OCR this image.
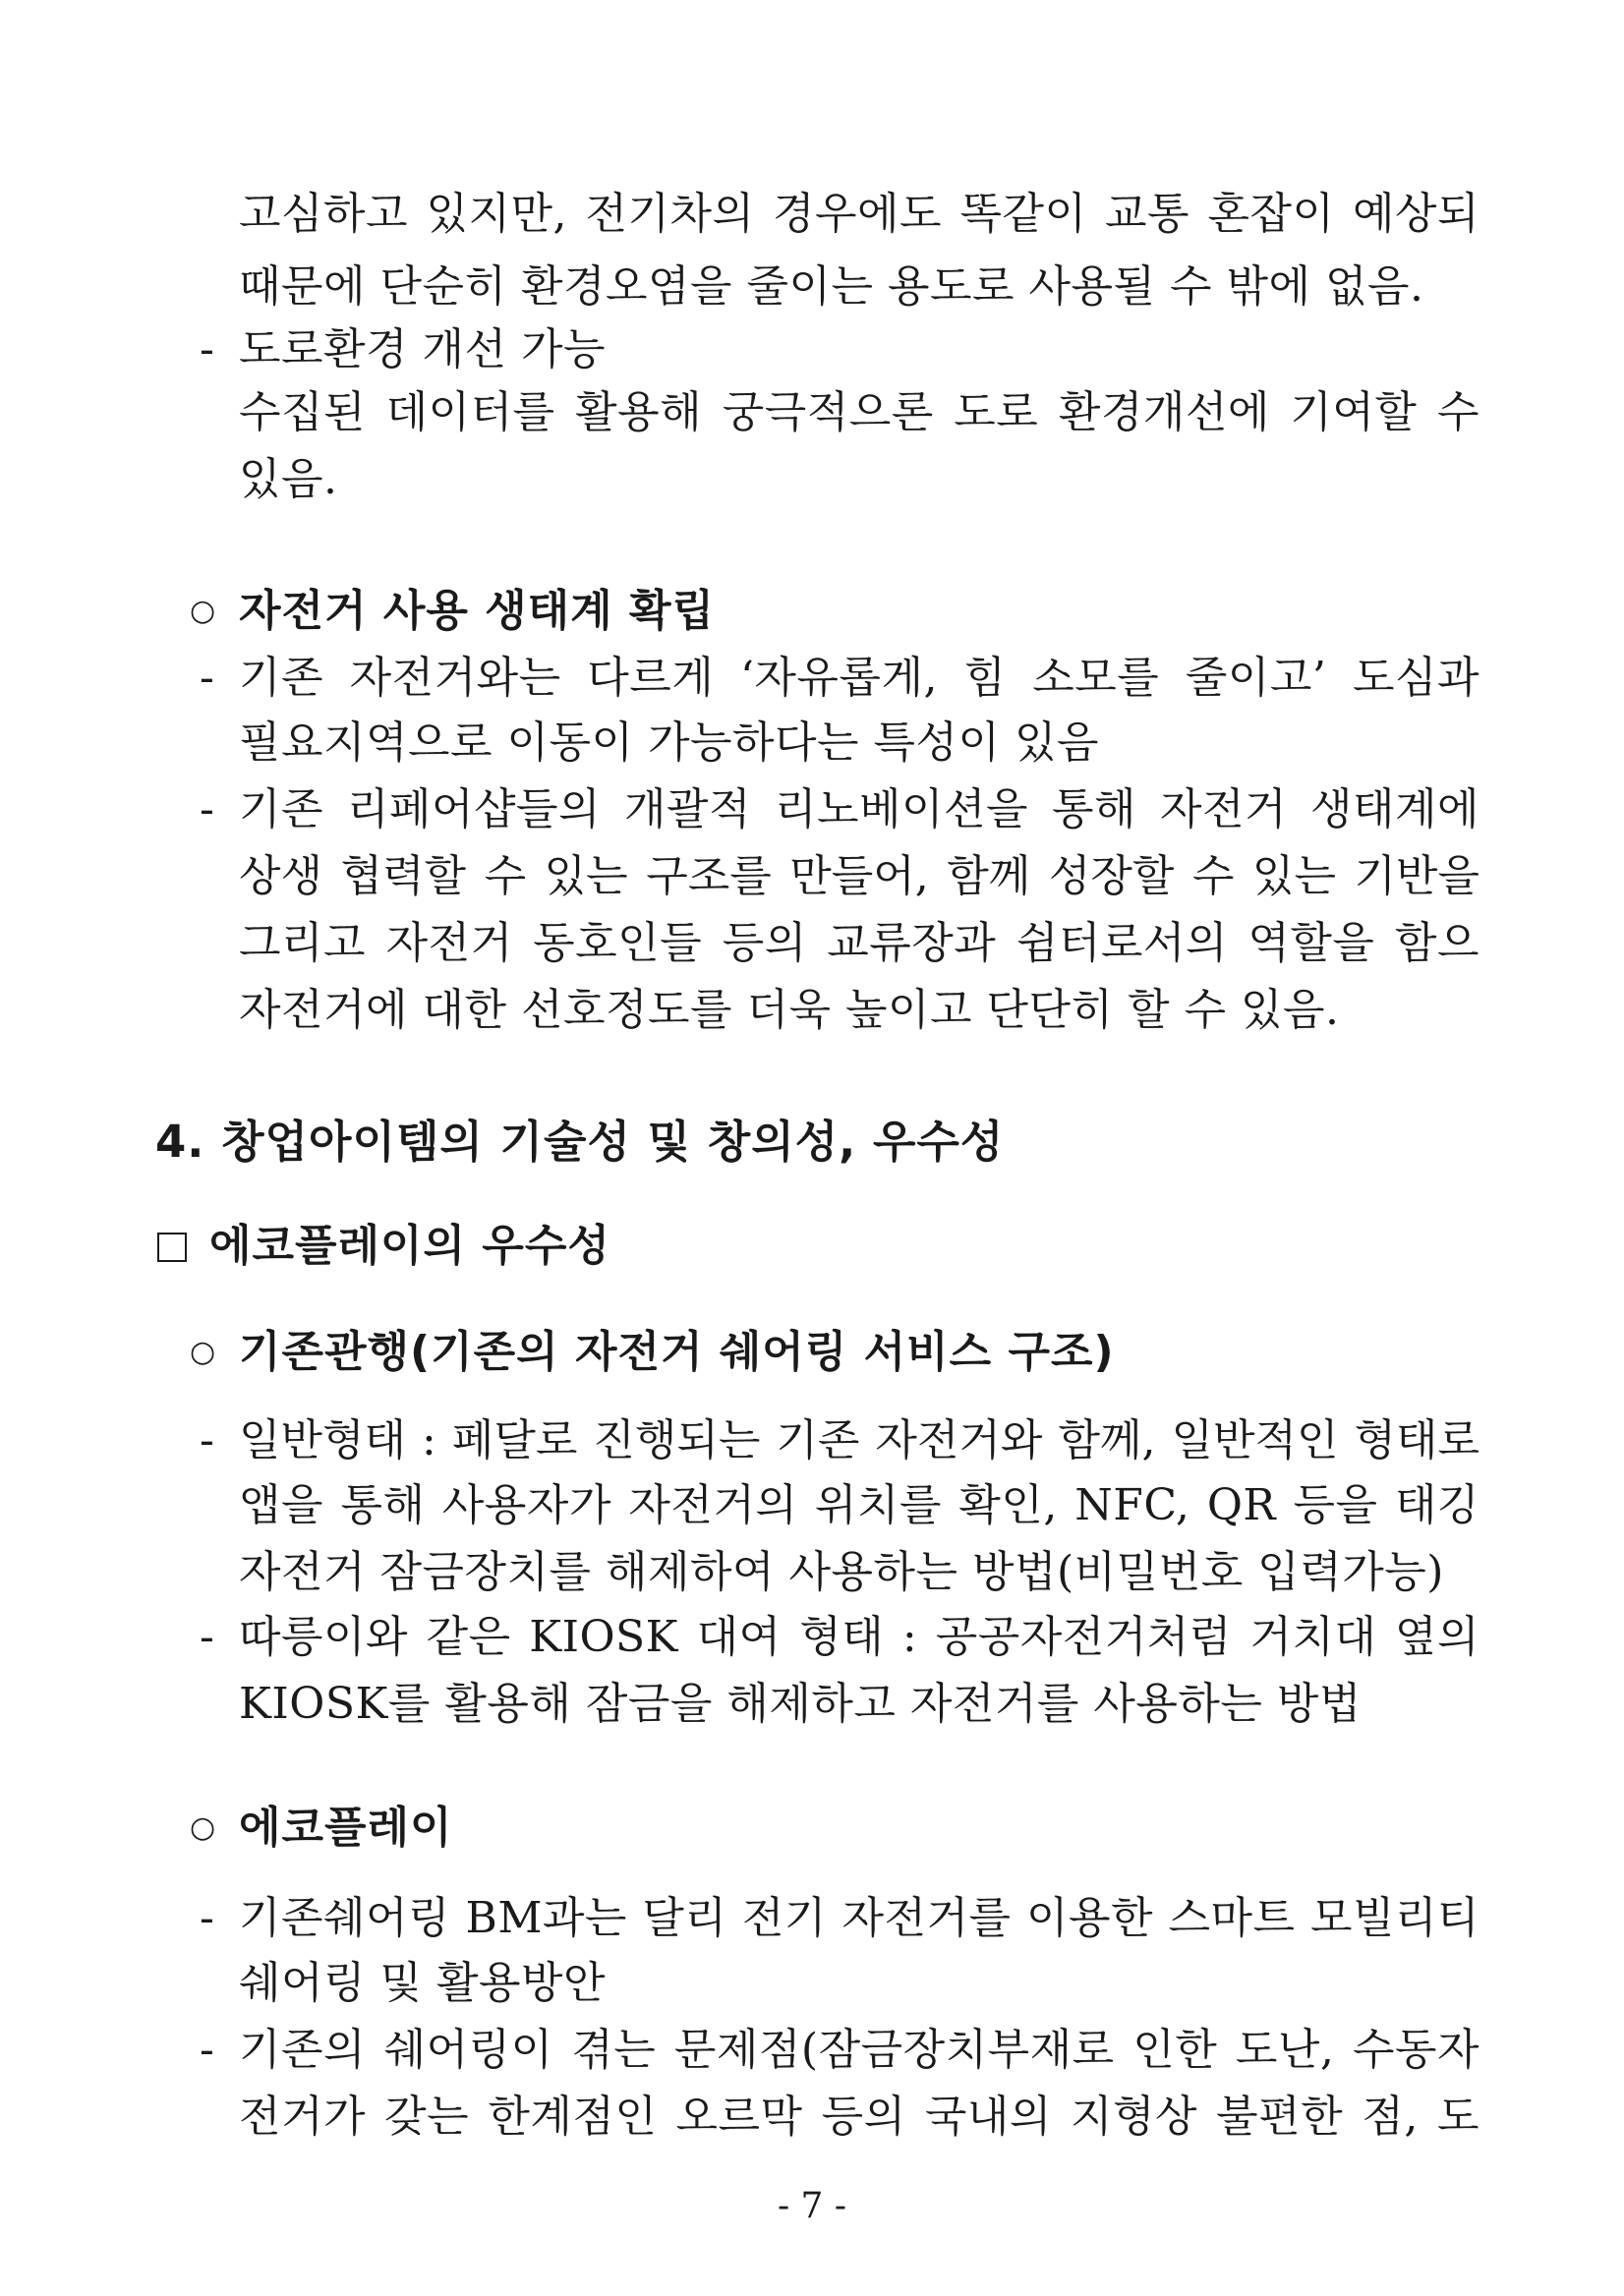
고심하고 있지만, 전기차의 경우에도 똑같이 교통 혼잡이 예상되
때문에 단순히 환경오염을 줄이는 용도로 사용될 수 밖에 없음.
- 도로환경 개선 가능
수집된 데이터를 활용해 궁극적으론 도로 환경개선에 기여할 수
있음.
○ 자전거 사용 생태계 확립
- 기존 자전거와는 다르게 ‘자유롭게, 힘 소모를 줄이고’ 도심과
필요지역으로 이동이 가능하다는 특성이 있음
- 기존 리페어샵들의 개괄적 리노베이션을 통해 자전거 생태계에
상생 협력할 수 있는 구조를 만들어, 함께 성장할 수 있는 기반을
그리고 자전거 동호인들 등의 교류장과 쉼터로서의 역할을 함으
자전거에 대한 선호정도를 더욱 높이고 단단히 할 수 있음.
4. 창업아이템의 기술성 및 창의성, 우수성
에코플레이의 우수성
○ 기존관행(기존의 자전거 쉐어링 서비스 구조)
- 일반형태 : 페달로 진행되는 기존 자전거와 함께, 일반적인 형태로
앱을 통해 사용자가 자전거의 위치를 확인, NFC, QR 등을 태깅
자전거 잠금장치를 해제하여 사용하는 방법(비밀번호 입력가능)
- 따릉이와 같은 KIOSK 대여 형태 : 공공자전거처럼 거치대 옆의
KIOSK를 활용해 잠금을 해제하고 자전거를 사용하는 방법
○ 에코플레이
- 기존쉐어링 BM과는 달리 전기 자전거를 이용한 스마트 모빌리티
쉐어링 및 활용방안
- 기존의 쉐어링이 겪는 문제점(잠금장치부재로 인한 도난, 수동자
전거가 갖는 한계점인 오르막 등의 국내의 지형상 불편한 점, 도
- 7 -
